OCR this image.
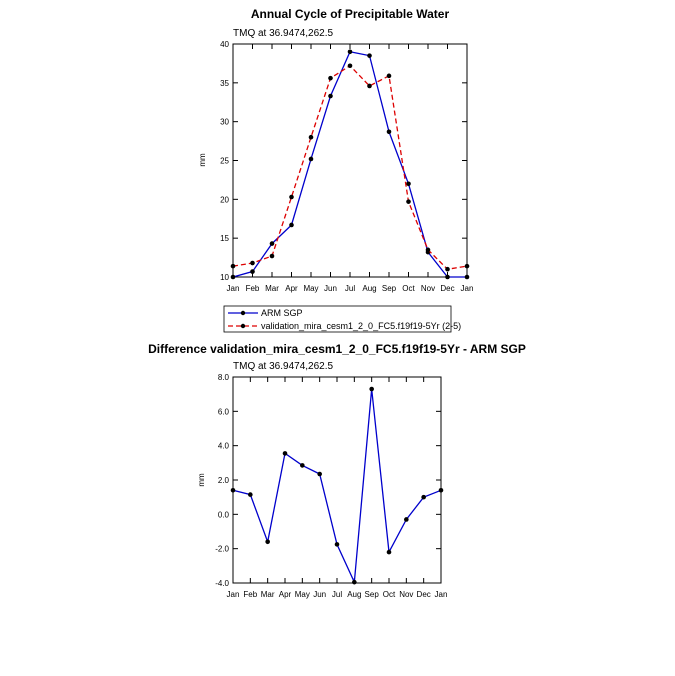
Annual Cycle of Precipitable Water
TMQ at 36.9474,262.5
mm
10
15
20
25
30
35
40
Jan Feb Mar Apr May Jun Jul Aug Sep Oct Nov Dec Jan
ARM SGP
validation_mira_cesm1_2_0_FC5.f19f19-5Yr (2-5)
Difference validation_mira_cesm1_2_0_FC5.f19f19-5Yr - ARM SGP
TMQ at 36.9474,262.5
mm
-4.0
-2.0
0.0
2.0
4.0
6.0
8.0
Jan Feb Mar Apr May Jun Jul Aug Sep Oct Nov Dec Jan
